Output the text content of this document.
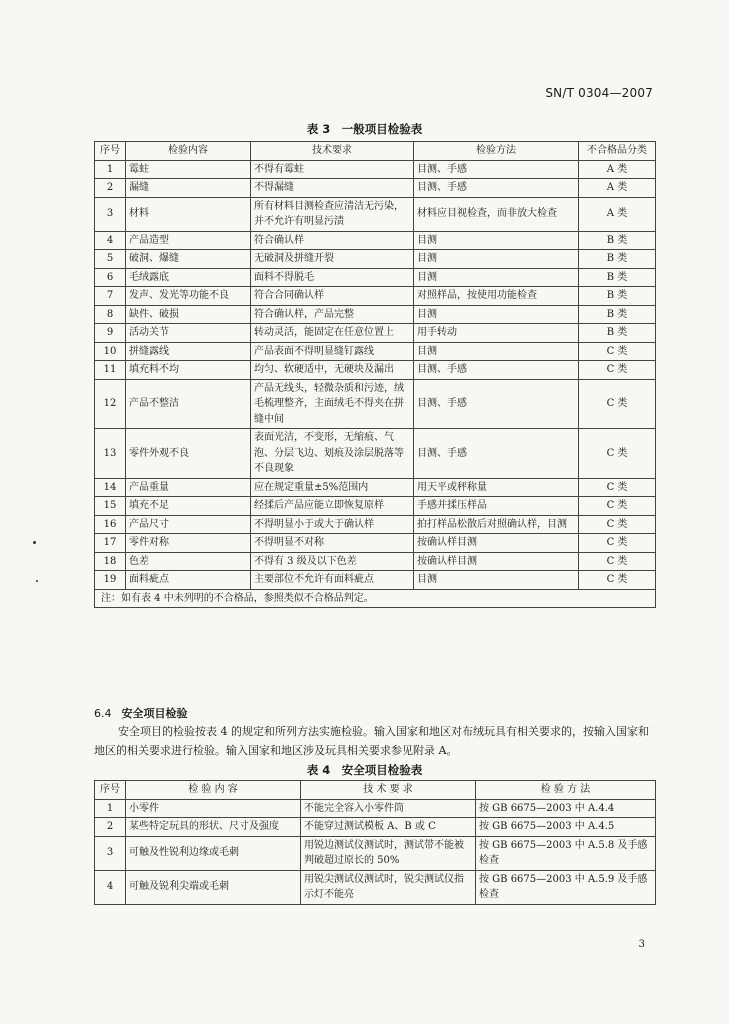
SN/T 0304—2007
表 3　一般项目检验表
序号	检验内容	技术要求	检验方法	不合格品分类
1	霉蛀	不得有霉蛀	目测、手感	A 类
2	漏缝	不得漏缝	目测、手感	A 类
3	材料	所有材料目测检查应清洁无污染，并不允许有明显污渍	材料应目视检查，而非放大检查	A 类
4	产品造型	符合确认样	目测	B 类
5	破洞、爆缝	无破洞及拼缝开裂	目测	B 类
6	毛绒露底	面料不得脱毛	目测	B 类
7	发声、发光等功能不良	符合合同确认样	对照样品，按使用功能检查	B 类
8	缺件、破损	符合确认样，产品完整	目测	B 类
9	活动关节	转动灵活，能固定在任意位置上	用手转动	B 类
10	拼缝露线	产品表面不得明显缝钉露线	目测	C 类
11	填充料不均	均匀、软硬适中，无硬块及漏出	目测、手感	C 类
12	产品不整洁	产品无线头，轻微杂质和污迹，绒毛梳理整齐，主面绒毛不得夹在拼缝中间	目测、手感	C 类
13	零件外观不良	表面光洁，不变形，无缩痕、气泡、分层飞边、划痕及涂层脱落等不良现象	目测、手感	C 类
14	产品重量	应在规定重量±5%范围内	用天平或秤称量	C 类
15	填充不足	经揉后产品应能立即恢复原样	手感并揉压样品	C 类
16	产品尺寸	不得明显小于或大于确认样	拍打样品松散后对照确认样，目测	C 类
17	零件对称	不得明显不对称	按确认样目测	C 类
18	色差	不得有 3 级及以下色差	按确认样目测	C 类
19	面料疵点	主要部位不允许有面料疵点	目测	C 类
注：如有表 4 中未列明的不合格品，参照类似不合格品判定。				
6.4 安全项目检验

安全项目的检验按表 4 的规定和所列方法实施检验。输入国家和地区对布绒玩具有相关要求的，按输入国家和地区的相关要求进行检验。输入国家和地区涉及玩具相关要求参见附录 A。

表 4　安全项目检验表
序号	检 验 内 容	技 术 要 求	检 验 方 法
1	小零件	不能完全容入小零件筒	按 GB 6675—2003 中 A.4.4
2	某些特定玩具的形状、尺寸及强度	不能穿过测试模板 A、B 或 C	按 GB 6675—2003 中 A.4.5
3	可触及性锐利边缘或毛刺	用锐边测试仪测试时，测试带不能被判破超过原长的 50%	按 GB 6675—2003 中 A.5.8 及手感检查
4	可触及锐利尖端或毛刺	用锐尖测试仪测试时，锐尖测试仪指示灯不能亮	按 GB 6675—2003 中 A.5.9 及手感检查
3
